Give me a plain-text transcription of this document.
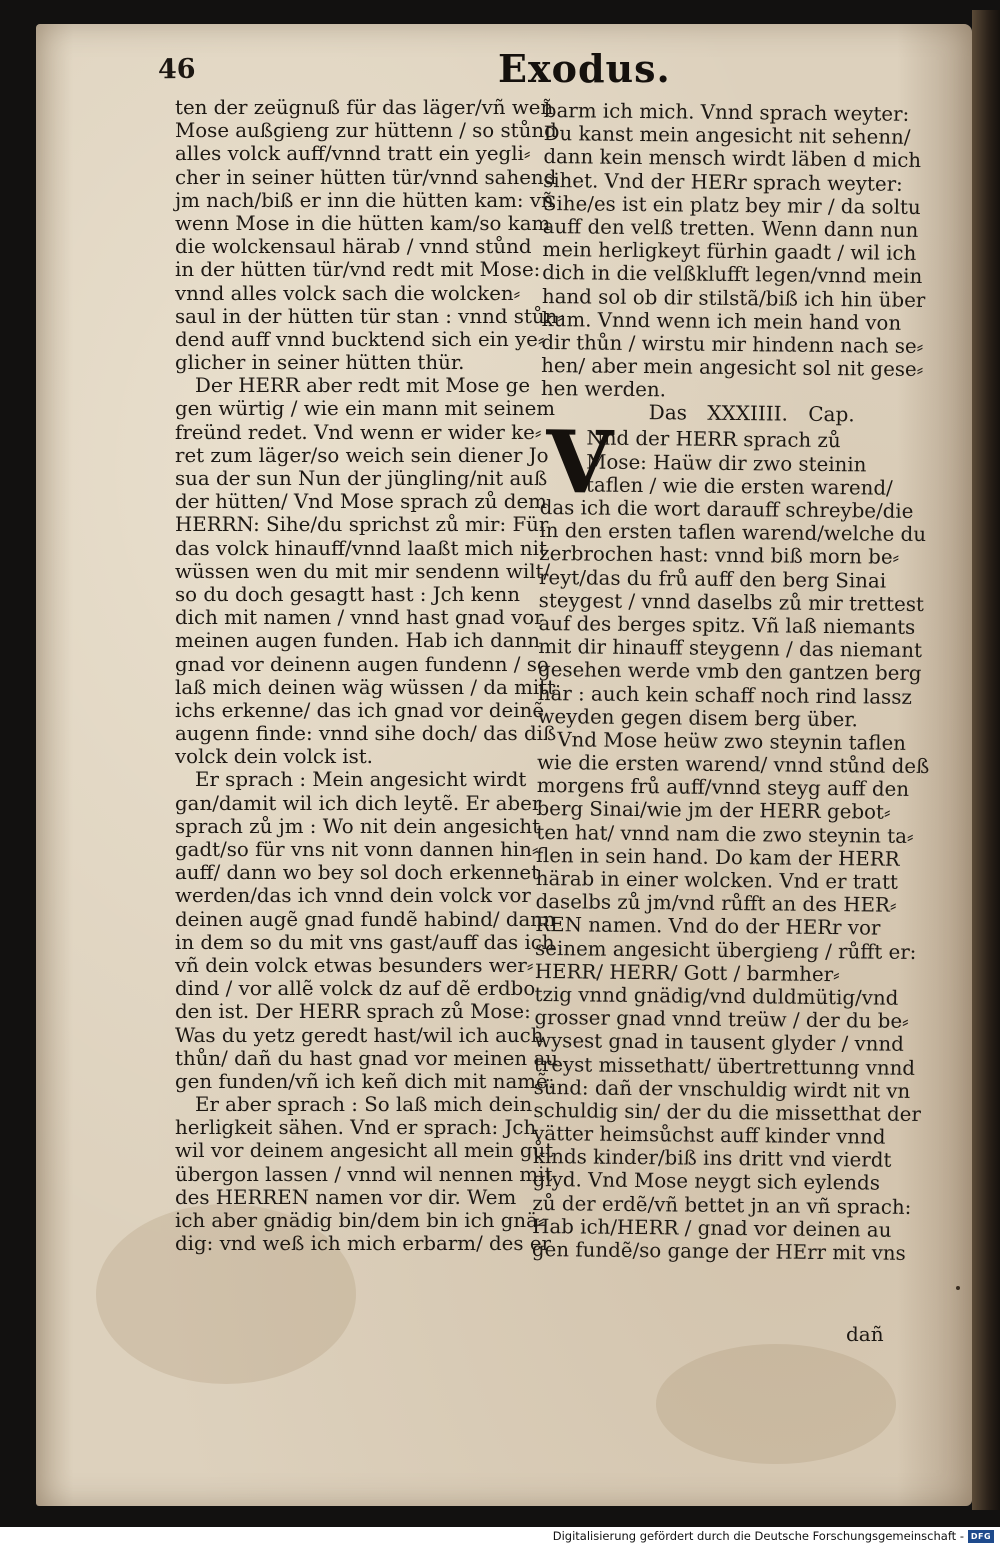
46	Exodus.
ten der zeügnuß für das läger/vñ weñ
Mose außgieng zur hüttenn / so stůnd
alles volck auff/vnnd tratt ein yegli⸗
cher in seiner hütten tür/vnnd sahend
jm nach/biß er inn die hütten kam: vñ
wenn Mose in die hütten kam/so kam
die wolckensaul härab / vnnd stůnd
in der hütten tür/vnd redt mit Mose:
vnnd alles volck sach die wolcken⸗
saul in der hütten tür stan : vnnd stůn⸗
dend auff vnnd bucktend sich ein ye⸗
glicher in seiner hütten thür.
Der HERR aber redt mit Mose ge
gen würtig / wie ein mann mit seinem
freünd redet. Vnd wenn er wider ke⸗
ret zum läger/so weich sein diener Jo
sua der sun Nun der jüngling/nit auß
der hütten/ Vnd Mose sprach zů dem
HERRN: Sihe/du sprichst zů mir: Für
das volck hinauff/vnnd laaßt mich nit
wüssen wen du mit mir sendenn wilt/
so du doch gesagtt hast : Jch kenn
dich mit namen / vnnd hast gnad vor
meinen augen funden. Hab ich dann
gnad vor deinenn augen fundenn / so
laß mich deinen wäg wüssen / da mitt
ichs erkenne/ das ich gnad vor deinẽ
augenn finde: vnnd sihe doch/ das diß
volck dein volck ist.
Er sprach : Mein angesicht wirdt
gan/damit wil ich dich leytẽ. Er aber
sprach zů jm : Wo nit dein angesicht
gadt/so für vns nit vonn dannen hin⸗
auff/ dann wo bey sol doch erkennet
werden/das ich vnnd dein volck vor
deinen augẽ gnad fundẽ habind/ dann
in dem so du mit vns gast/auff das ich
vñ dein volck etwas besunders wer⸗
dind / vor allẽ volck dz auf dẽ erdbo
den ist. Der HERR sprach zů Mose:
Was du yetz geredt hast/wil ich auch
thůn/ dañ du hast gnad vor meinen au
gen funden/vñ ich keñ dich mit namẽ.
Er aber sprach : So laß mich dein
herligkeit sähen. Vnd er sprach: Jch
wil vor deinem angesicht all mein gůt
übergon lassen / vnnd wil nennen mit
des HERREN namen vor dir. Wem
ich aber gnädig bin/dem bin ich gnä⸗
dig: vnd weß ich mich erbarm/ des er
barm ich mich. Vnnd sprach weyter:
Du kanst mein angesicht nit sehenn/
dann kein mensch wirdt läben d mich
sihet. Vnd der HERr sprach weyter:
Sihe/es ist ein platz bey mir / da soltu
auff den velß tretten. Wenn dann nun
mein herligkeyt fürhin gaadt / wil ich
dich in die velßklufft legen/vnnd mein
hand sol ob dir stilstã/biß ich hin über
kum. Vnnd wenn ich mein hand von
dir thůn / wirstu mir hindenn nach se⸗
hen/ aber mein angesicht sol nit gese⸗
hen werden.
Das XXXIIII. Cap.
V
Nnd der HERR sprach zů
Mose: Haüw dir zwo steinin
taflen / wie die ersten warend/
das ich die wort darauff schreybe/die
in den ersten taflen warend/welche du
zerbrochen hast: vnnd biß morn be⸗
reyt/das du frů auff den berg Sinai
steygest / vnnd daselbs zů mir trettest
auf des berges spitz. Vñ laß niemants
mit dir hinauff steygenn / das niemant
gesehen werde vmb den gantzen berg
här : auch kein schaff noch rind lassz
weyden gegen disem berg über.
Vnd Mose heüw zwo steynin taflen
wie die ersten warend/ vnnd stůnd deß
morgens frů auff/vnnd steyg auff den
berg Sinai/wie jm der HERR gebot⸗
ten hat/ vnnd nam die zwo steynin ta⸗
flen in sein hand. Do kam der HERR
härab in einer wolcken. Vnd er tratt
daselbs zů jm/vnd růfft an des HER⸗
REN namen. Vnd do der HERr vor
seinem angesicht übergieng / růfft er:
HERR/ HERR/ Gott / barmher⸗
tzig vnnd gnädig/vnd duldmütig/vnd
grosser gnad vnnd treüw / der du be⸗
wysest gnad in tausent glyder / vnnd
treyst missethatt/ übertrettunng vnnd
sünd: dañ der vnschuldig wirdt nit vn
schuldig sin/ der du die missetthat der
vätter heimsůchst auff kinder vnnd
kinds kinder/biß ins dritt vnd vierdt
glyd. Vnd Mose neygt sich eylends
zů der erdẽ/vñ bettet jn an vñ sprach:
Hab ich/HERR / gnad vor deinen au
gen fundẽ/so gange der HErr mit vns
dañ
Digitalisierung gefördert durch die Deutsche Forschungsgemeinschaft - DFG
